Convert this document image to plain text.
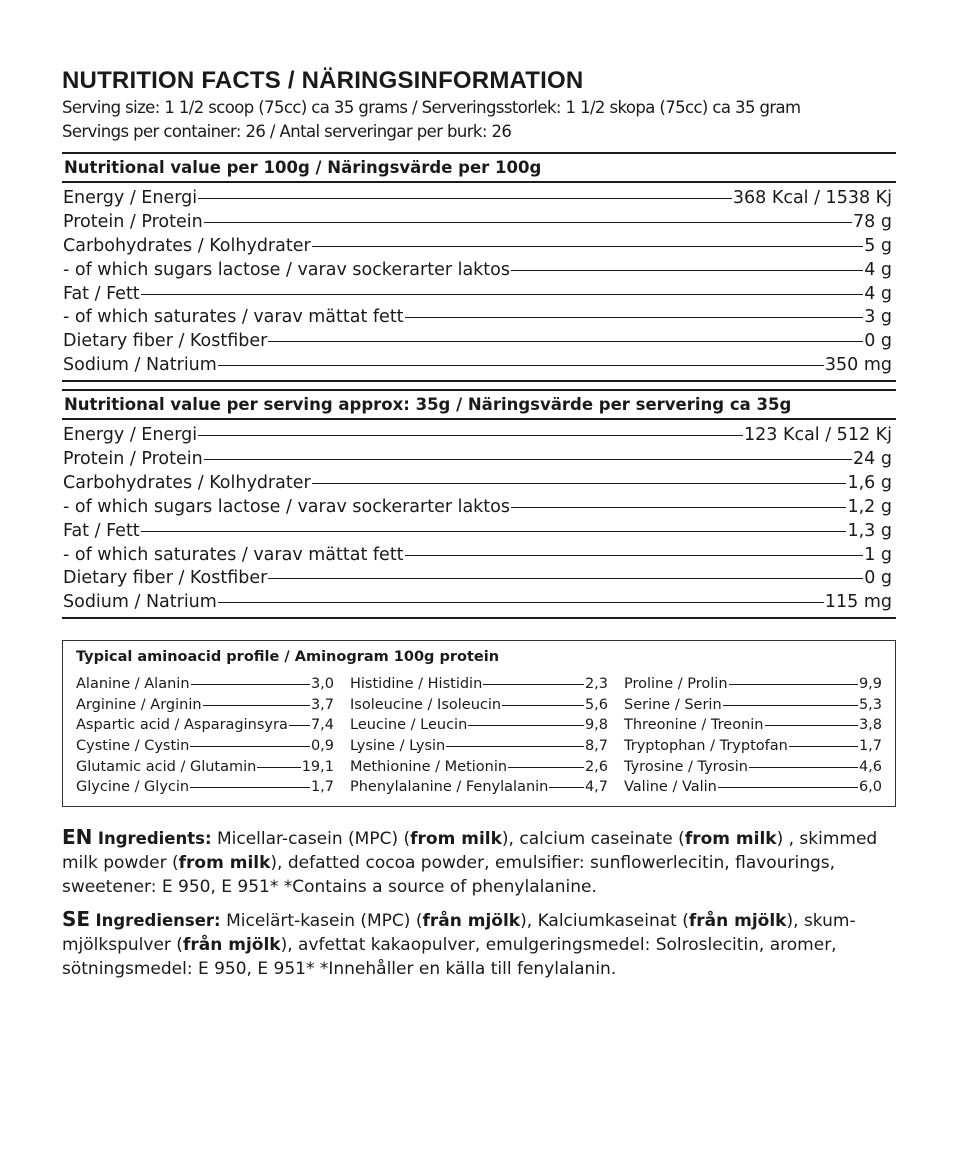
NUTRITION FACTS / NÄRINGSINFORMATION
Serving size: 1 1/2 scoop (75cc) ca 35 grams / Serveringsstorlek: 1 1/2 skopa (75cc) ca 35 gram
Servings per container: 26 / Antal serveringar per burk: 26
Nutritional value per 100g / Näringsvärde per 100g
Energy / Energi	368 Kcal / 1538 Kj
Protein / Protein	78 g
Carbohydrates / Kolhydrater	5 g
- of which sugars lactose / varav sockerarter laktos	4 g
Fat / Fett	4 g
- of which saturates / varav mättat fett	3 g
Dietary fiber / Kostfiber	0 g
Sodium / Natrium	350 mg
Nutritional value per serving approx: 35g / Näringsvärde per servering ca 35g
Energy / Energi	123 Kcal / 512 Kj
Protein / Protein	24 g
Carbohydrates / Kolhydrater	1,6 g
- of which sugars lactose / varav sockerarter laktos	1,2 g
Fat / Fett	1,3 g
- of which saturates / varav mättat fett	1 g
Dietary fiber / Kostfiber	0 g
Sodium / Natrium	115 mg
Typical aminoacid profile / Aminogram 100g protein
Alanine / Alanin	3,0
Arginine / Arginin	3,7
Aspartic acid / Asparaginsyra 7,4
Cystine / Cystin	0,9
Glutamic acid / Glutamin	19,1
Glycine / Glycin	1,7
Histidine / Histidin	2,3
Isoleucine / Isoleucin	5,6
Leucine / Leucin	9,8
Lysine / Lysin	8,7
Methionine / Metionin	2,6
Phenylalanine / Fenylalanin	4,7
Proline / Prolin	9,9
Serine / Serin	5,3
Threonine / Treonin	3,8
Tryptophan / Tryptofan	1,7
Tyrosine / Tyrosin	4,6
Valine / Valin	6,0
EN Ingredients: Micellar-casein (MPC) (from milk), calcium caseinate (from milk) , skimmed milk powder (from milk), defatted cocoa powder, emulsifier: sunflowerlecitin, flavourings, sweetener: E 950, E 951* *Contains a source of phenylalanine.
SE Ingredienser: Micelärt-kasein (MPC) (från mjölk), Kalciumkaseinat (från mjölk), skum-mjölkspulver (från mjölk), avfettat kakaopulver, emulgeringsmedel: Solroslecitin, aromer, sötningsmedel: E 950, E 951* *Innehåller en källa till fenylalanin.
